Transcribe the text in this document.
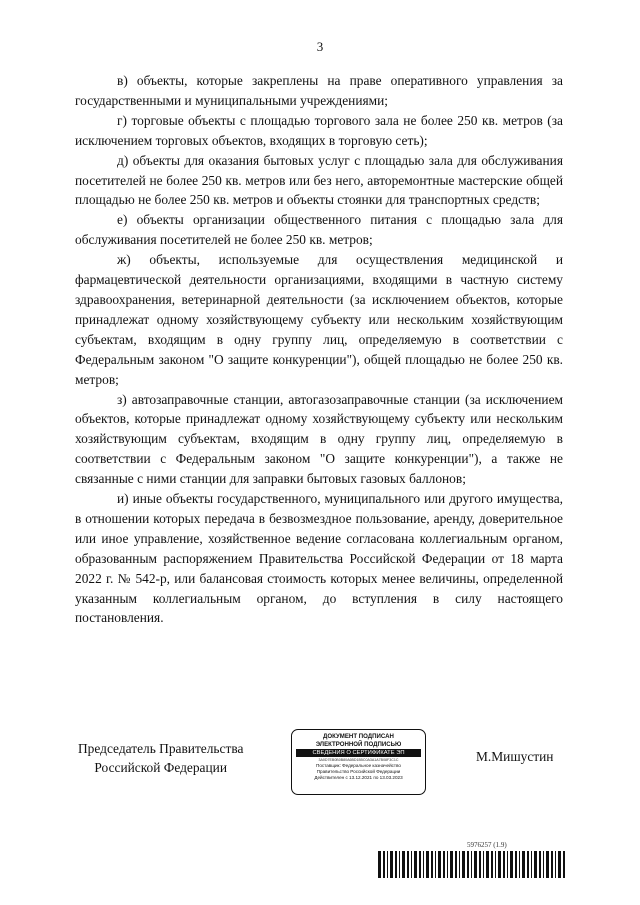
3

в) объекты, которые закреплены на праве оперативного управления за государственными и муниципальными учреждениями;

г) торговые объекты с площадью торгового зала не более 250 кв. метров (за исключением торговых объектов, входящих в торговую сеть);

д) объекты для оказания бытовых услуг с площадью зала для обслуживания посетителей не более 250 кв. метров или без него, авторемонтные мастерские общей площадью не более 250 кв. метров и объекты стоянки для транспортных средств;

е) объекты организации общественного питания с площадью зала для обслуживания посетителей не более 250 кв. метров;

ж) объекты, используемые для осуществления медицинской и фармацевтической деятельности организациями, входящими в частную систему здравоохранения, ветеринарной деятельности (за исключением объектов, которые принадлежат одному хозяйствующему субъекту или нескольким хозяйствующим субъектам, входящим в одну группу лиц, определяемую в соответствии с Федеральным законом "О защите конкуренции"), общей площадью не более 250 кв. метров;

з) автозаправочные станции, автогазозаправочные станции (за исключением объектов, которые принадлежат одному хозяйствующему субъекту или нескольким хозяйствующим субъектам, входящим в одну группу лиц, определяемую в соответствии с Федеральным законом "О защите конкуренции"), а также не связанные с ними станции для заправки бытовых газовых баллонов;

и) иные объекты государственного, муниципального или другого имущества, в отношении которых передача в безвозмездное пользование, аренду, доверительное или иное управление, хозяйственное ведение согласована коллегиальным органом, образованным распоряжением Правительства Российской Федерации от 18 марта 2022 г. № 542-р, или балансовая стоимость которых менее величины, определенной указанным коллегиальным органом, до вступления в силу настоящего постановления.

Председатель Правительства
Российской Федерации
ДОКУМЕНТ ПОДПИСАН
ЭЛЕКТРОННОЙ ПОДПИСЬЮ
СВЕДЕНИЯ О СЕРТИФИКАТЕ ЭП
3A0D7EB0B0B80A6BD1B5C0A3A1A7B08F3C1C
Поставщик: Федеральное казначейство
Правительство Российской Федерации
Действителен с 13.12.2021 по 13.03.2023
М.Мишустин
5976257 (1.9)
